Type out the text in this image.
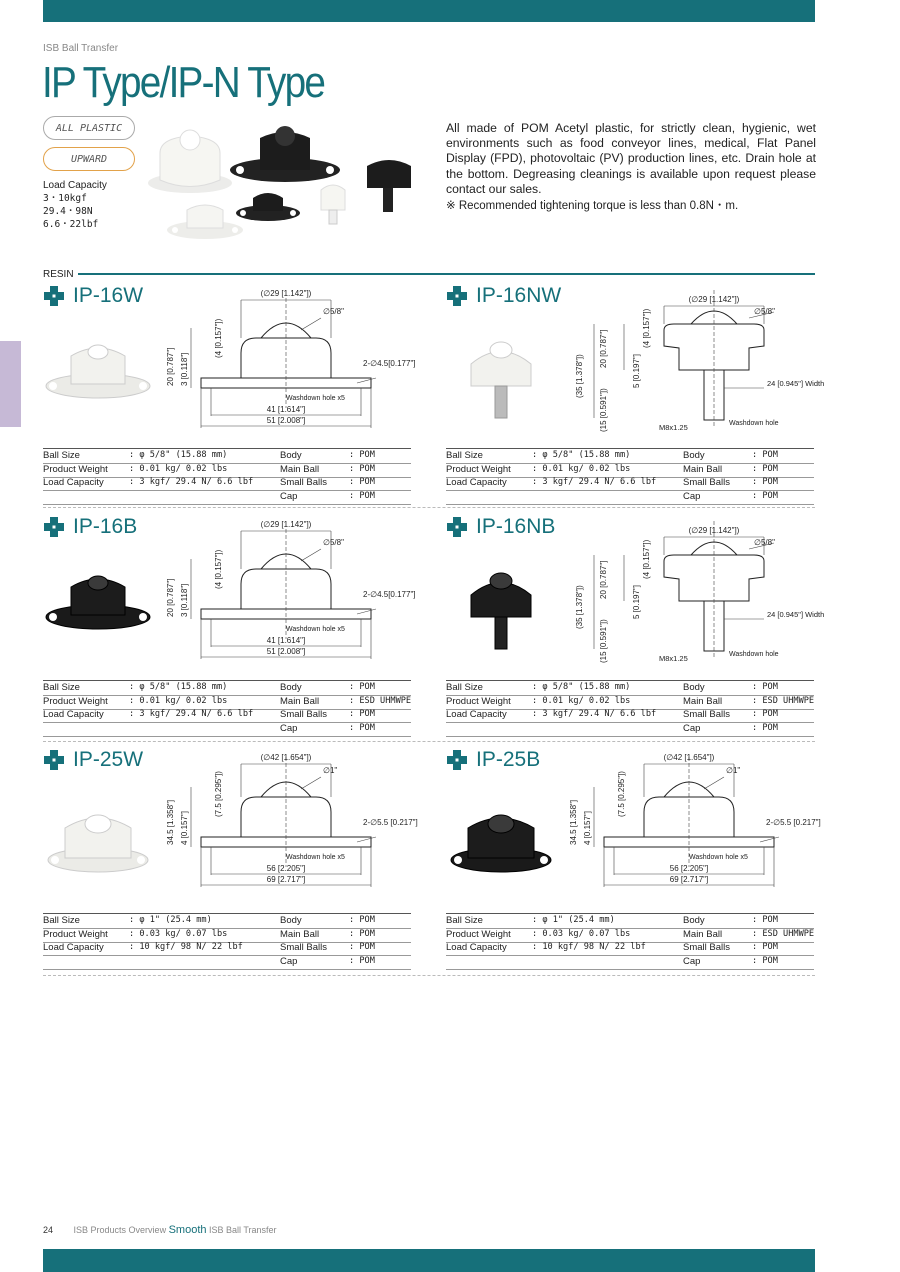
ISB Ball Transfer
IP Type/IP-N Type
ALL PLASTIC
UPWARD
Load Capacity
3・10kgf
29.4・98N
6.6・22lbf
All made of POM Acetyl plastic, for strictly clean, hygienic, wet environments such as food conveyor lines, medical, Flat Panel Display (FPD), photovoltaic (PV) production lines, etc. Drain hole at the bottom. Degreasing cleanings is available upon request please contact our sales.
※ Recommended tightening torque is less than 0.8N・m.
RESIN
IP-16W	(∅29 [1.142"])
∅5/8"
20 [0.787"] 3 [0.118"]
(4 [0.157"])
2-∅4.5[0.177"]
Washdown hole x5
41 [1.614"]
51 [2.008"]
Ball Size	: φ 5/8" (15.88 mm)	Body	: POM
Product Weight : 0.01 kg/ 0.02 lbs	Main Ball	: POM
Load Capacity	: 3 kgf/ 29.4 N/ 6.6 lbf	Small Balls	: POM
Cap	: POM
IP-16NW	(∅29 [1.142"])
∅5/8"
(35 [1.378"])
20 [0.787"]
(4 [0.157"])
5 [0.197"]
(15 [0.591"])
24 [0.945"] Width
M8x1.25	Washdown hole
Ball Size	: φ 5/8" (15.88 mm)	Body	: POM
Product Weight : 0.01 kg/ 0.02 lbs	Main Ball	: POM
Load Capacity	: 3 kgf/ 29.4 N/ 6.6 lbf	Small Balls	: POM
Cap	: POM
IP-16B	(∅29 [1.142"])
∅5/8"
20 [0.787"] 3 [0.118"]
(4 [0.157"])
2-∅4.5[0.177"]
Washdown hole x5
41 [1.614"]
51 [2.008"]
Ball Size	: φ 5/8" (15.88 mm)	Body	: POM
Product Weight : 0.01 kg/ 0.02 lbs	Main Ball	: ESD UHMWPE
Load Capacity	: 3 kgf/ 29.4 N/ 6.6 lbf	Small Balls	: POM
Cap	: POM
IP-16NB	(∅29 [1.142"])
∅5/8"
(35 [1.378"])
20 [0.787"]
(4 [0.157"])
5 [0.197"]
(15 [0.591"])
24 [0.945"] Width
M8x1.25	Washdown hole
Ball Size	: φ 5/8" (15.88 mm)	Body	: POM
Product Weight : 0.01 kg/ 0.02 lbs	Main Ball	: ESD UHMWPE
Load Capacity	: 3 kgf/ 29.4 N/ 6.6 lbf	Small Balls	: POM
Cap	: POM
IP-25W	(∅42 [1.654"])
∅1"
34.5 [1.358"] 4 [0.157"]
(7.5 [0.295"])
2-∅5.5 [0.217"]
Washdown hole x5
56 [2.205"]
69 [2.717"]
Ball Size	: φ 1" (25.4 mm)	Body	: POM
Product Weight : 0.03 kg/ 0.07 lbs	Main Ball	: POM
Load Capacity	: 10 kgf/ 98 N/ 22 lbf	Small Balls	: POM
Cap	: POM
IP-25B	(∅42 [1.654"])
∅1"
34.5 [1.358"] 4 [0.157"]
(7.5 [0.295"])
2-∅5.5 [0.217"]
Washdown hole x5
56 [2.205"]
69 [2.717"]
Ball Size	: φ 1" (25.4 mm)	Body	: POM
Product Weight : 0.03 kg/ 0.07 lbs	Main Ball	: ESD UHMWPE
Load Capacity	: 10 kgf/ 98 N/ 22 lbf	Small Balls	: POM
Cap	: POM
24 ISB Products Overview Smooth ISB Ball Transfer
